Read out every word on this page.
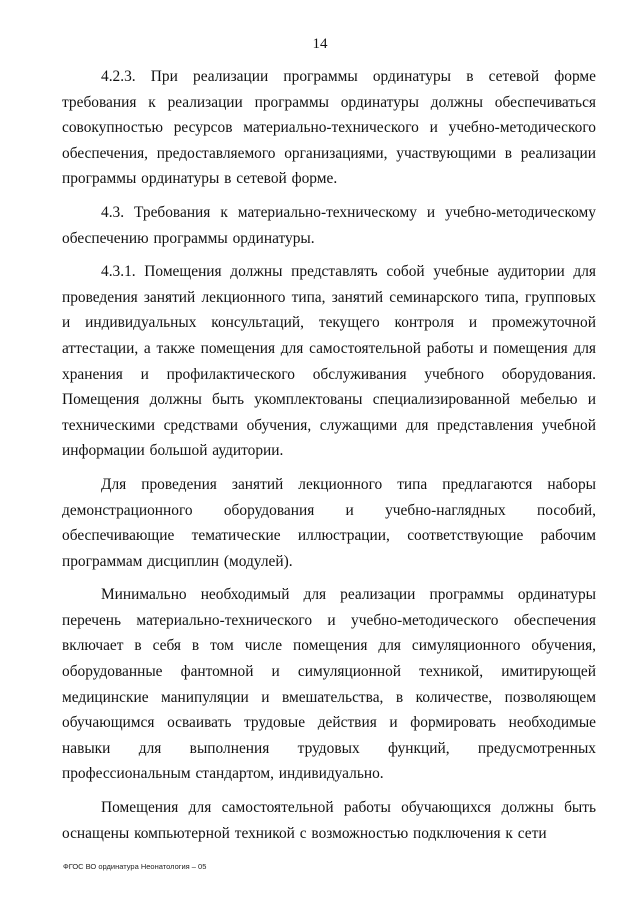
14

4.2.3. При реализации программы ординатуры в сетевой форме требования к реализации программы ординатуры должны обеспечиваться совокупностью ресурсов материально-технического и учебно-методического обеспечения, предоставляемого организациями, участвующими в реализации программы ординатуры в сетевой форме.

4.3. Требования к материально-техническому и учебно-методическому обеспечению программы ординатуры.

4.3.1. Помещения должны представлять собой учебные аудитории для проведения занятий лекционного типа, занятий семинарского типа, групповых и индивидуальных консультаций, текущего контроля и промежуточной аттестации, а также помещения для самостоятельной работы и помещения для хранения и профилактического обслуживания учебного оборудования. Помещения должны быть укомплектованы специализированной мебелью и техническими средствами обучения, служащими для представления учебной информации большой аудитории.

Для проведения занятий лекционного типа предлагаются наборы демонстрационного оборудования и учебно-наглядных пособий, обеспечивающие тематические иллюстрации, соответствующие рабочим программам дисциплин (модулей).

Минимально необходимый для реализации программы ординатуры перечень материально-технического и учебно-методического обеспечения включает в себя в том числе помещения для симуляционного обучения, оборудованные фантомной и симуляционной техникой, имитирующей медицинские манипуляции и вмешательства, в количестве, позволяющем обучающимся осваивать трудовые действия и формировать необходимые навыки для выполнения трудовых функций, предусмотренных профессиональным стандартом, индивидуально.

Помещения для самостоятельной работы обучающихся должны быть оснащены компьютерной техникой с возможностью подключения к сети

ФГОС ВО ординатура Неонатология – 05
